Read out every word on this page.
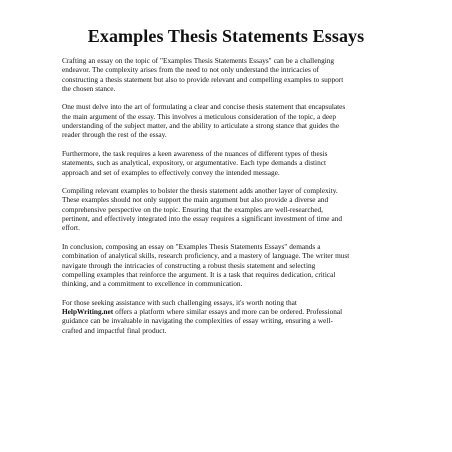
Examples Thesis Statements Essays
Crafting an essay on the topic of "Examples Thesis Statements Essays" can be a challenging
endeavor. The complexity arises from the need to not only understand the intricacies of
constructing a thesis statement but also to provide relevant and compelling examples to support
the chosen stance.
One must delve into the art of formulating a clear and concise thesis statement that encapsulates
the main argument of the essay. This involves a meticulous consideration of the topic, a deep
understanding of the subject matter, and the ability to articulate a strong stance that guides the
reader through the rest of the essay.
Furthermore, the task requires a keen awareness of the nuances of different types of thesis
statements, such as analytical, expository, or argumentative. Each type demands a distinct
approach and set of examples to effectively convey the intended message.
Compiling relevant examples to bolster the thesis statement adds another layer of complexity.
These examples should not only support the main argument but also provide a diverse and
comprehensive perspective on the topic. Ensuring that the examples are well-researched,
pertinent, and effectively integrated into the essay requires a significant investment of time and
effort.
In conclusion, composing an essay on "Examples Thesis Statements Essays" demands a
combination of analytical skills, research proficiency, and a mastery of language. The writer must
navigate through the intricacies of constructing a robust thesis statement and selecting
compelling examples that reinforce the argument. It is a task that requires dedication, critical
thinking, and a commitment to excellence in communication.
For those seeking assistance with such challenging essays, it's worth noting that
HelpWriting.net offers a platform where similar essays and more can be ordered. Professional
guidance can be invaluable in navigating the complexities of essay writing, ensuring a well-
crafted and impactful final product.
